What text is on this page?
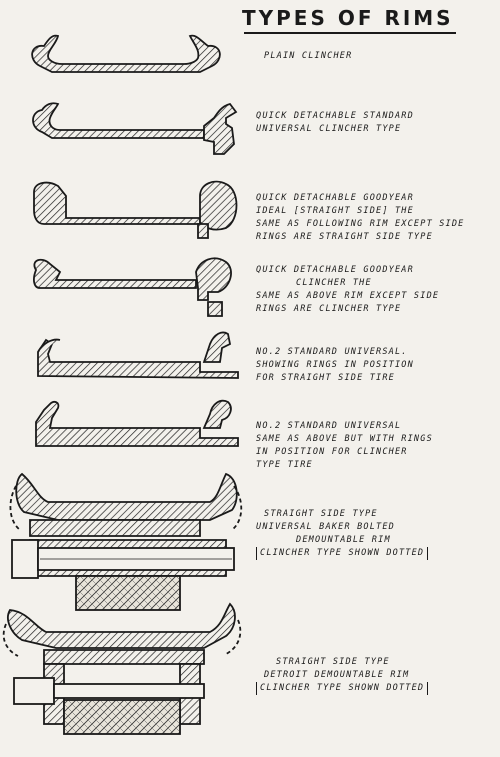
TYPES OF RIMS
PLAIN CLINCHER
QUICK DETACHABLE STANDARD
UNIVERSAL CLINCHER TYPE
QUICK DETACHABLE GOODYEAR
IDEAL [STRAIGHT SIDE] THE
SAME AS FOLLOWING RIM EXCEPT SIDE
RINGS ARE STRAIGHT SIDE TYPE
QUICK DETACHABLE GOODYEAR
CLINCHER THE
SAME AS ABOVE RIM EXCEPT SIDE
RINGS ARE CLINCHER TYPE
NO.2 STANDARD UNIVERSAL.
SHOWING RINGS IN POSITION
FOR STRAIGHT SIDE TIRE
NO.2 STANDARD UNIVERSAL
SAME AS ABOVE BUT WITH RINGS
IN POSITION FOR CLINCHER
TYPE TIRE
STRAIGHT SIDE TYPE
UNIVERSAL BAKER BOLTED
DEMOUNTABLE RIM
CLINCHER TYPE SHOWN DOTTED
STRAIGHT SIDE TYPE
DETROIT DEMOUNTABLE RIM
CLINCHER TYPE SHOWN DOTTED
